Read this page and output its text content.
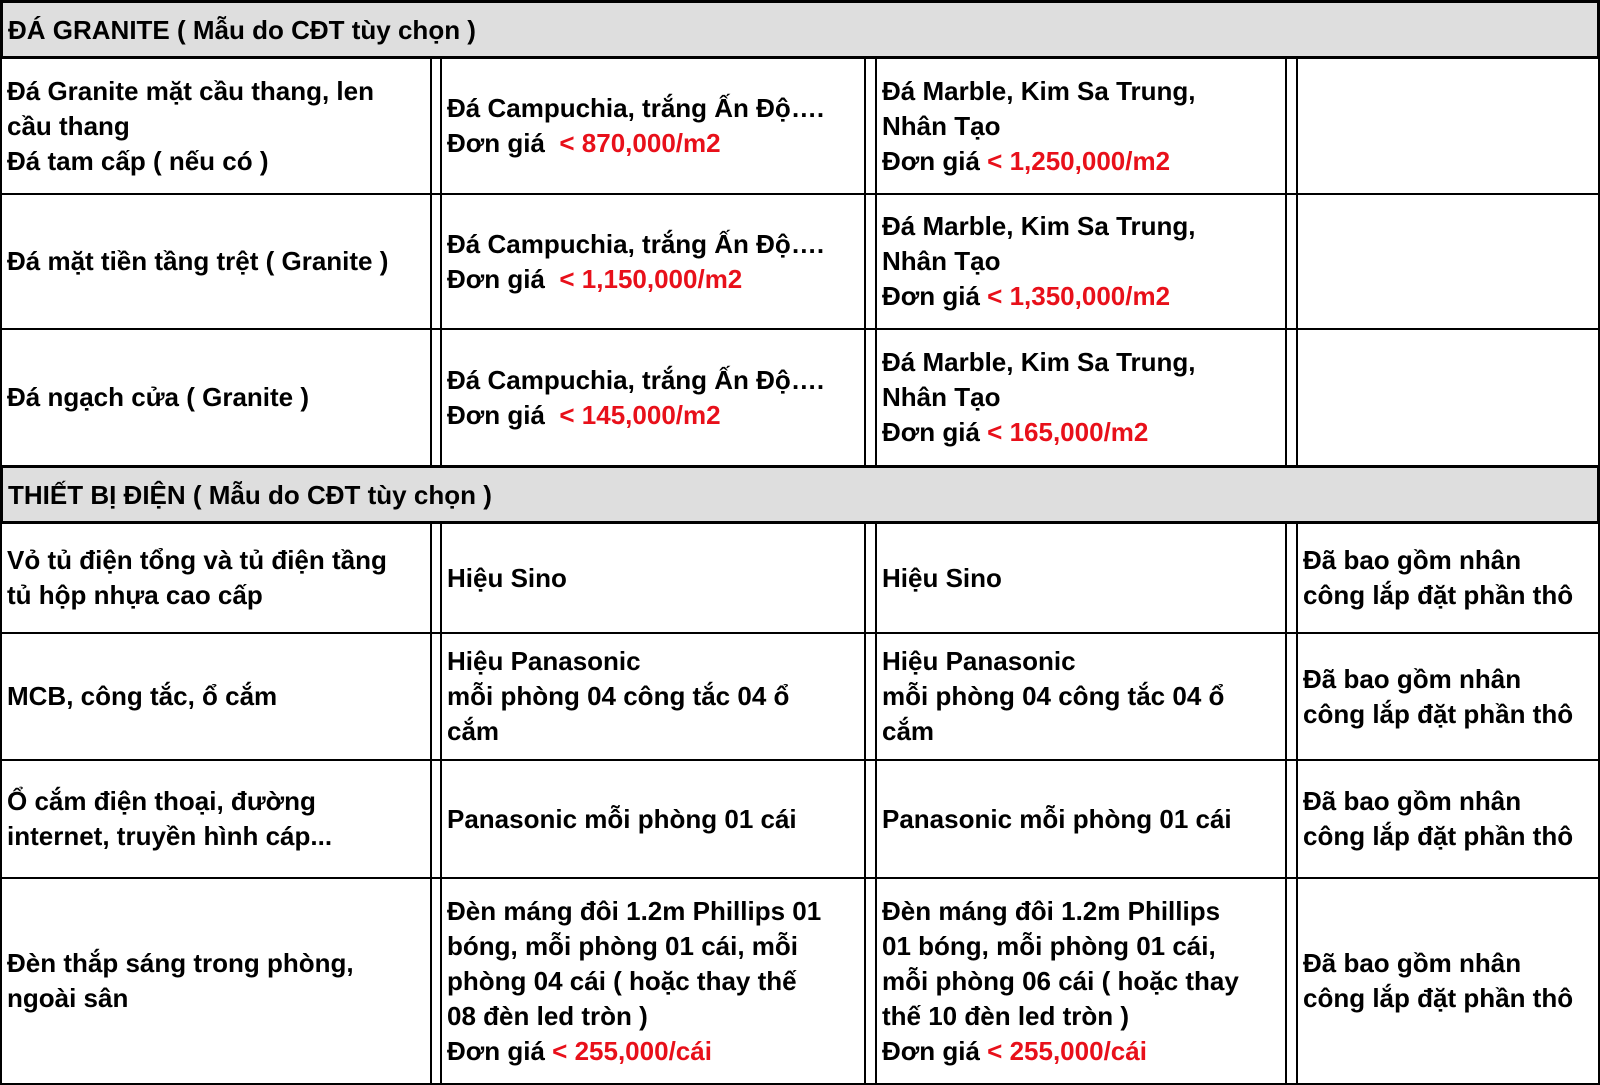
ĐÁ GRANITE ( Mẫu do CĐT tùy chọn )
Đá Granite mặt cầu thang, len
cầu thang
Đá tam cấp ( nếu có )
Đá Campuchia, trắng Ấn Độ….
Đơn giá  < 870,000/m2
Đá Marble, Kim Sa Trung,
Nhân Tạo
Đơn giá < 1,250,000/m2
Đá mặt tiền tầng trệt ( Granite )
Đá Campuchia, trắng Ấn Độ….
Đơn giá  < 1,150,000/m2
Đá Marble, Kim Sa Trung,
Nhân Tạo
Đơn giá < 1,350,000/m2
Đá ngạch cửa ( Granite )
Đá Campuchia, trắng Ấn Độ….
Đơn giá  < 145,000/m2
Đá Marble, Kim Sa Trung,
Nhân Tạo
Đơn giá < 165,000/m2
THIẾT BỊ ĐIỆN ( Mẫu do CĐT tùy chọn )
Vỏ tủ điện tổng và tủ điện tầng
tủ hộp nhựa cao cấp
Hiệu Sino	Hiệu Sino
Đã bao gồm nhân
công lắp đặt phần thô
MCB, công tắc, ổ cắm
Hiệu Panasonic
mỗi phòng 04 công tắc 04 ổ
cắm
Hiệu Panasonic
mỗi phòng 04 công tắc 04 ổ
cắm
Đã bao gồm nhân
công lắp đặt phần thô
Ổ cắm điện thoại, đường
internet, truyền hình cáp...
Panasonic mỗi phòng 01 cái	Panasonic mỗi phòng 01 cái
Đã bao gồm nhân
công lắp đặt phần thô
Đèn thắp sáng trong phòng,
ngoài sân
Đèn máng đôi 1.2m Phillips 01
bóng, mỗi phòng 01 cái, mỗi
phòng 04 cái ( hoặc thay thế
08 đèn led tròn )
Đơn giá < 255,000/cái
Đèn máng đôi 1.2m Phillips
01 bóng, mỗi phòng 01 cái,
mỗi phòng 06 cái ( hoặc thay
thế 10 đèn led tròn )
Đơn giá < 255,000/cái
Đã bao gồm nhân
công lắp đặt phần thô
